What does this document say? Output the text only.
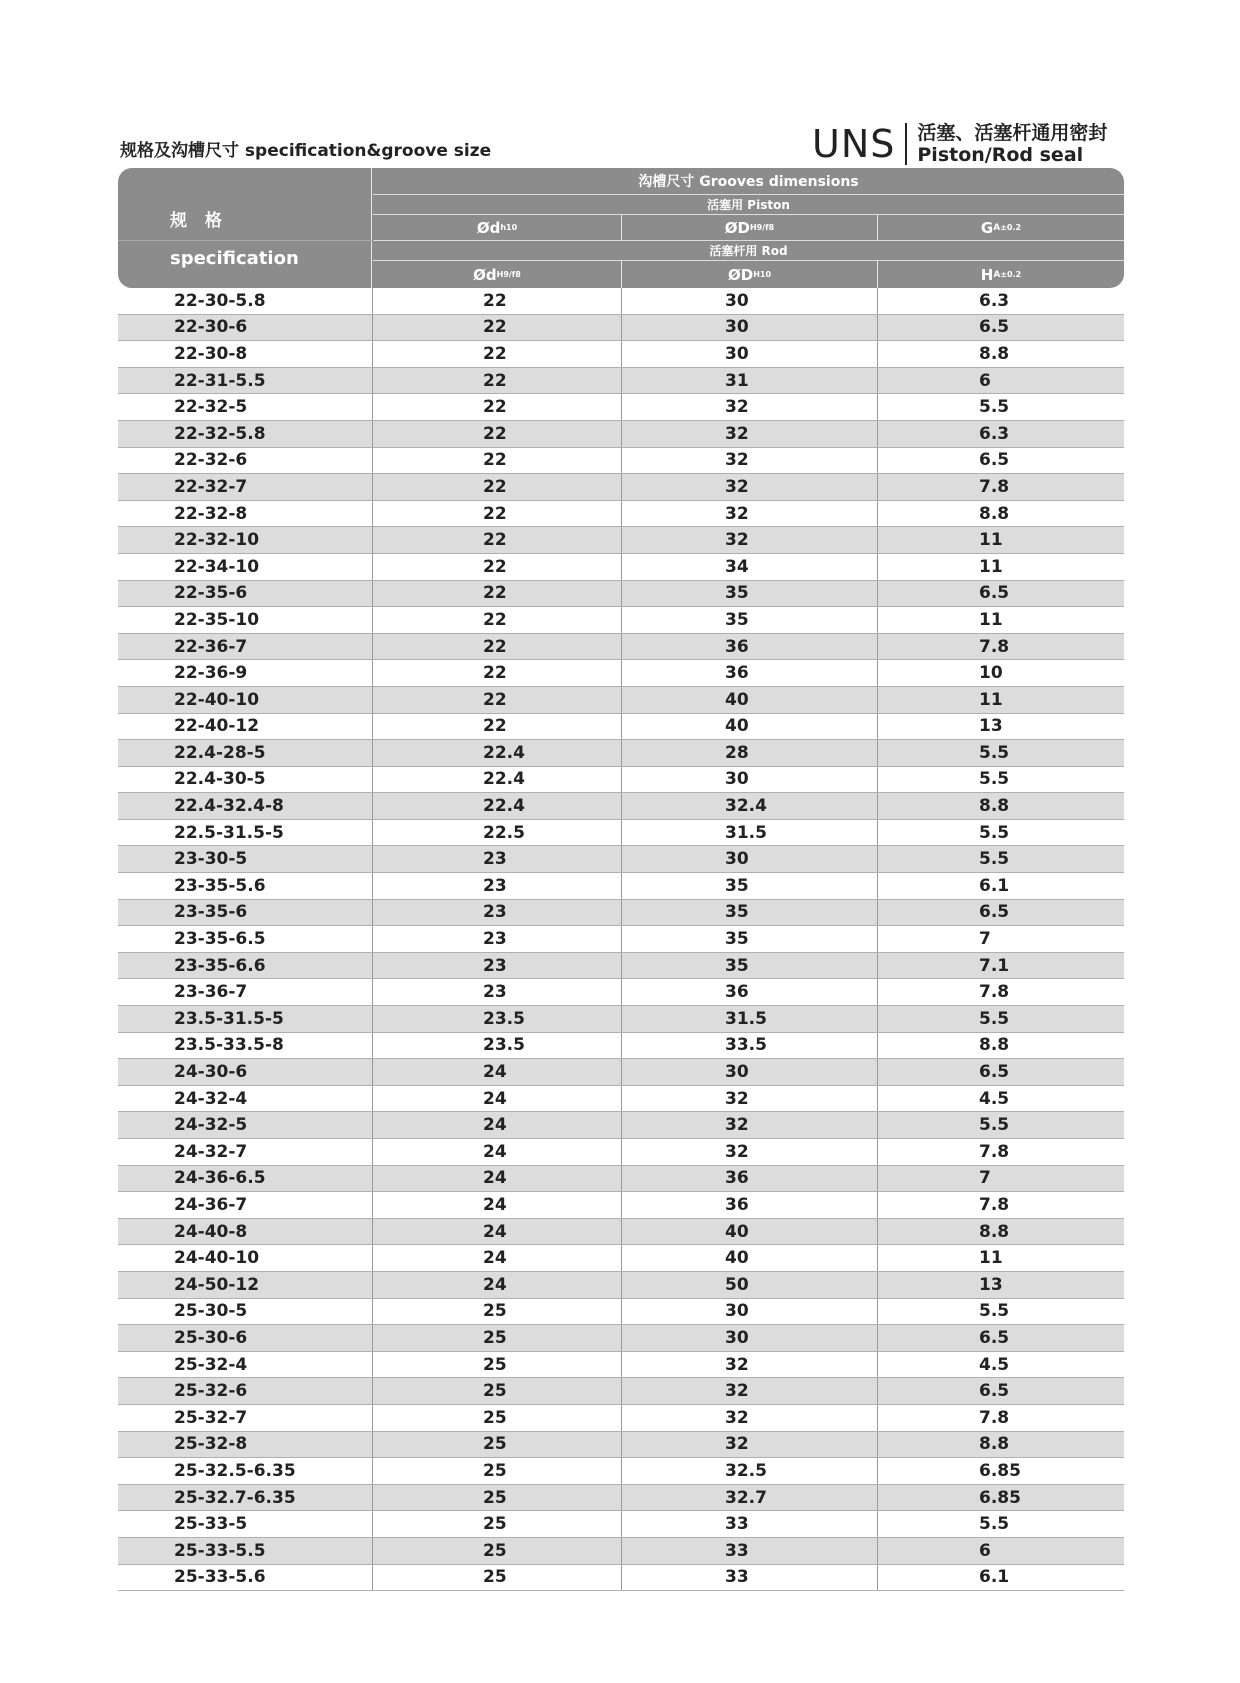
规格及沟槽尺寸 specification&groove size	UNS	活塞、活塞杆通用密封
Piston/Rod seal
规 格
specification
沟槽尺寸 Grooves dimensions
活塞用 Piston
Ød h10	ØD H9/f8	G A ±0.2
活塞杆用 Rod
Ød H9/f8	ØD H10	H A ±0.2
22-30-5.8	22	30	6.3
22-30-6	22	30	6.5
22-30-8	22	30	8.8
22-31-5.5	22	31	6
22-32-5	22	32	5.5
22-32-5.8	22	32	6.3
22-32-6	22	32	6.5
22-32-7	22	32	7.8
22-32-8	22	32	8.8
22-32-10	22	32	11
22-34-10	22	34	11
22-35-6	22	35	6.5
22-35-10	22	35	11
22-36-7	22	36	7.8
22-36-9	22	36	10
22-40-10	22	40	11
22-40-12	22	40	13
22.4-28-5	22.4	28	5.5
22.4-30-5	22.4	30	5.5
22.4-32.4-8	22.4	32.4	8.8
22.5-31.5-5	22.5	31.5	5.5
23-30-5	23	30	5.5
23-35-5.6	23	35	6.1
23-35-6	23	35	6.5
23-35-6.5	23	35	7
23-35-6.6	23	35	7.1
23-36-7	23	36	7.8
23.5-31.5-5	23.5	31.5	5.5
23.5-33.5-8	23.5	33.5	8.8
24-30-6	24	30	6.5
24-32-4	24	32	4.5
24-32-5	24	32	5.5
24-32-7	24	32	7.8
24-36-6.5	24	36	7
24-36-7	24	36	7.8
24-40-8	24	40	8.8
24-40-10	24	40	11
24-50-12	24	50	13
25-30-5	25	30	5.5
25-30-6	25	30	6.5
25-32-4	25	32	4.5
25-32-6	25	32	6.5
25-32-7	25	32	7.8
25-32-8	25	32	8.8
25-32.5-6.35	25	32.5	6.85
25-32.7-6.35	25	32.7	6.85
25-33-5	25	33	5.5
25-33-5.5	25	33	6
25-33-5.6	25	33	6.1
